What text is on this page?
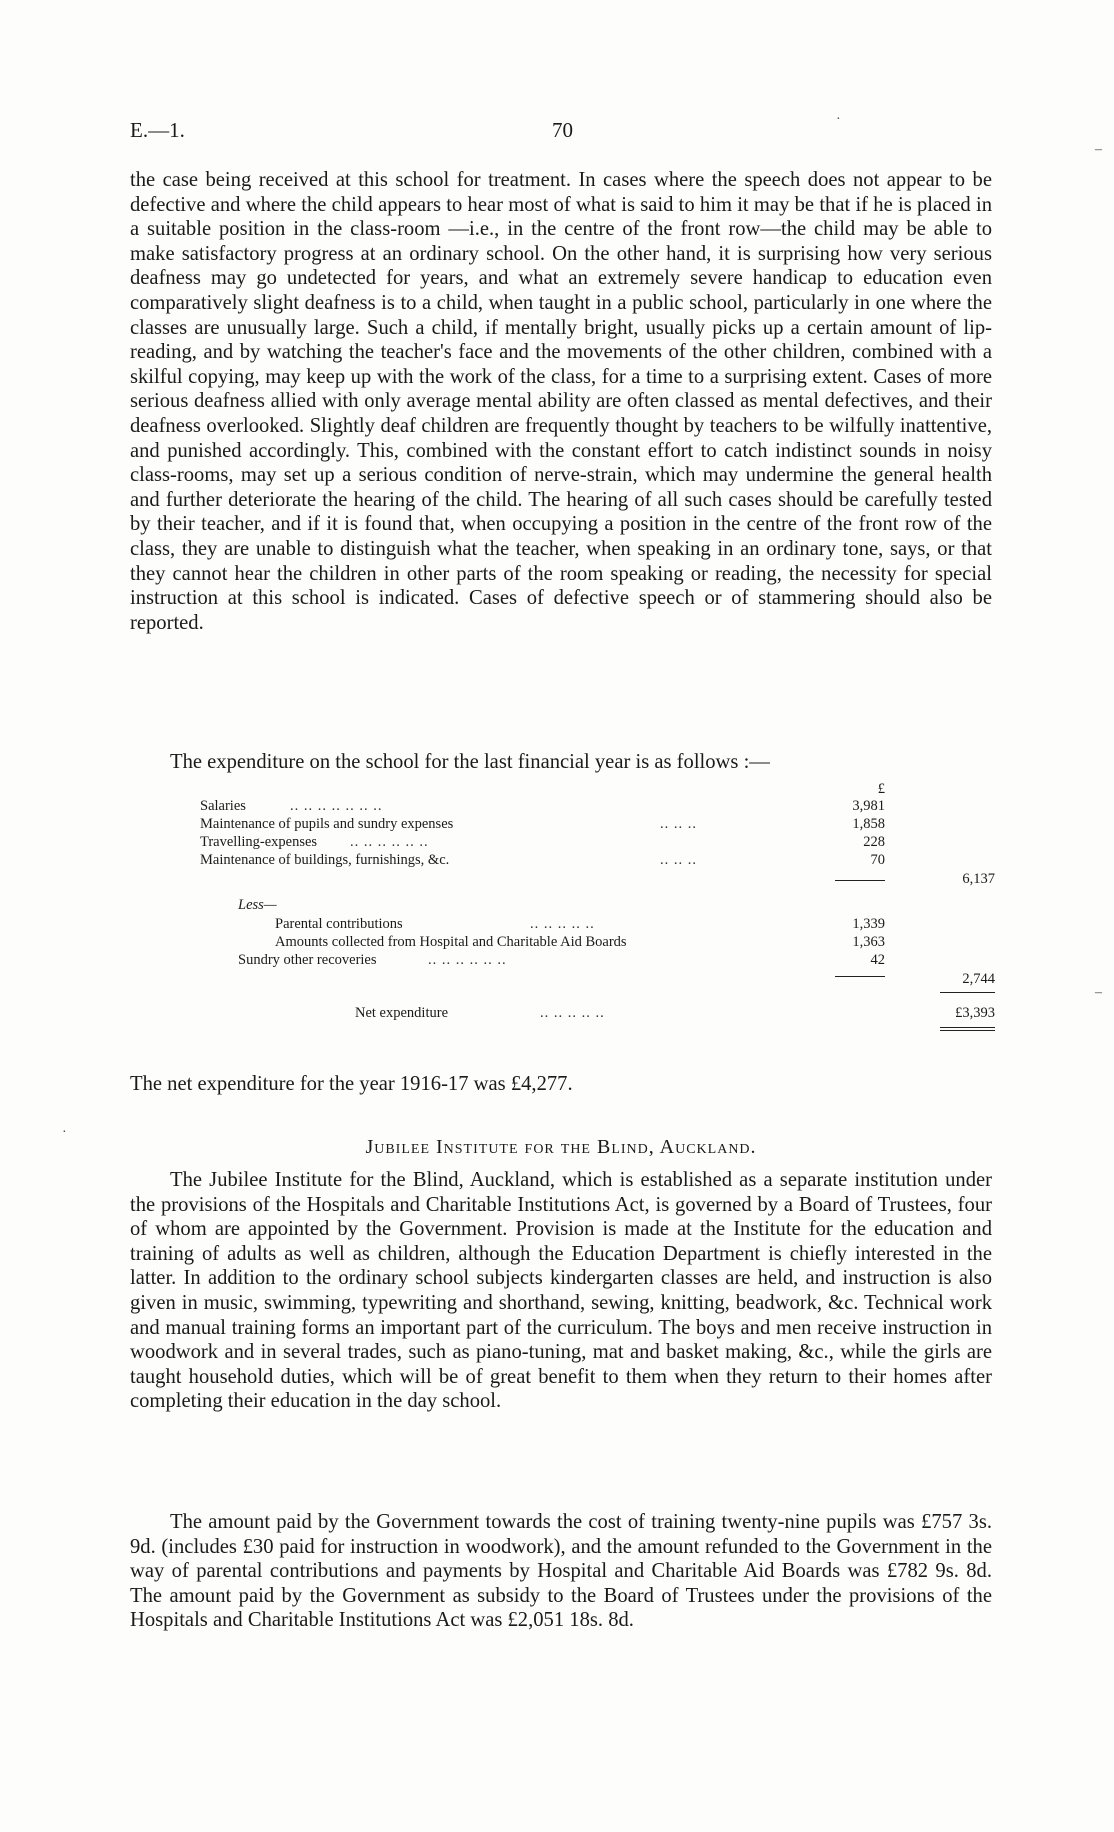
E.—1.	70

the case being received at this school for treatment. In cases where the speech does not appear to be defective and where the child appears to hear most of what is said to him it may be that if he is placed in a suitable position in the class-room —i.e., in the centre of the front row—the child may be able to make satisfactory progress at an ordinary school. On the other hand, it is surprising how very serious deafness may go undetected for years, and what an extremely severe handicap to education even comparatively slight deafness is to a child, when taught in a public school, particularly in one where the classes are unusually large. Such a child, if mentally bright, usually picks up a certain amount of lip-reading, and by watching the teacher's face and the movements of the other children, combined with a skilful copying, may keep up with the work of the class, for a time to a surprising extent. Cases of more serious deafness allied with only average mental ability are often classed as mental defectives, and their deafness overlooked. Slightly deaf children are frequently thought by teachers to be wilfully inattentive, and punished accordingly. This, combined with the constant effort to catch indistinct sounds in noisy class-rooms, may set up a serious condition of nerve-strain, which may undermine the general health and further deteriorate the hearing of the child. The hearing of all such cases should be carefully tested by their teacher, and if it is found that, when occupying a position in the centre of the front row of the class, they are unable to distinguish what the teacher, when speaking in an ordinary tone, says, or that they cannot hear the children in other parts of the room speaking or reading, the necessity for special instruction at this school is indicated. Cases of defective speech or of stammering should also be reported.

The expenditure on the school for the last financial year is as follows :—

£
Salaries	.. .. .. .. .. .. ..	3,981
Maintenance of pupils and sundry expenses	.. .. ..	1,858
Travelling-expenses .. .. .. .. .. ..	228
Maintenance of buildings, furnishings, &c.	.. .. ..	70
6,137
Less—
Parental contributions	.. .. .. .. ..	1,339
Amounts collected from Hospital and Charitable Aid Boards	1,363
Sundry other recoveries	.. .. .. .. .. ..	42
2,744
Net expenditure	.. .. .. .. ..	£3,393

The net expenditure for the year 1916-17 was £4,277.

Jubilee Institute for the Blind, Auckland.

The Jubilee Institute for the Blind, Auckland, which is established as a separate institution under the provisions of the Hospitals and Charitable Institutions Act, is governed by a Board of Trustees, four of whom are appointed by the Government. Provision is made at the Institute for the education and training of adults as well as children, although the Education Department is chiefly interested in the latter. In addition to the ordinary school subjects kindergarten classes are held, and instruction is also given in music, swimming, typewriting and shorthand, sewing, knitting, beadwork, &c. Technical work and manual training forms an important part of the curriculum. The boys and men receive instruction in woodwork and in several trades, such as piano-tuning, mat and basket making, &c., while the girls are taught household duties, which will be of great benefit to them when they return to their homes after completing their education in the day school.

The amount paid by the Government towards the cost of training twenty-nine pupils was £757 3s. 9d. (includes £30 paid for instruction in woodwork), and the amount refunded to the Government in the way of parental contributions and payments by Hospital and Charitable Aid Boards was £782 9s. 8d. The amount paid by the Government as subsidy to the Board of Trustees under the provisions of the Hospitals and Charitable Institutions Act was £2,051 18s. 8d.

–
–
·
·
